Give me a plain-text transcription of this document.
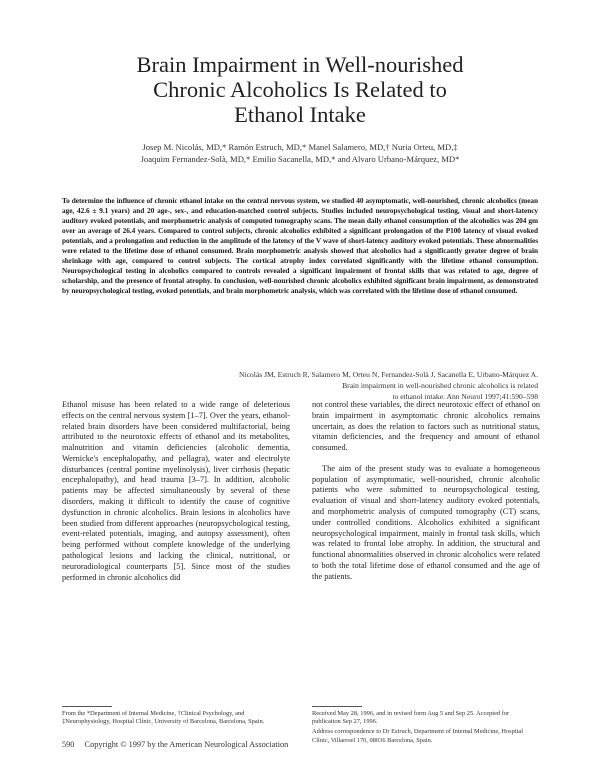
Brain Impairment in Well-nourished
Chronic Alcoholics Is Related to
Ethanol Intake
Josep M. Nicolás, MD,* Ramón Estruch, MD,* Manel Salamero, MD,† Nuria Orteu, MD,‡
Joaquim Fernandez-Solà, MD,* Emilio Sacanella, MD,* and Alvaro Urbano-Márquez, MD*

To determine the influence of chronic ethanol intake on the central nervous system, we studied 40 asymptomatic, well-nourished, chronic alcoholics (mean age, 42.6 ± 9.1 years) and 20 age-, sex-, and education-matched control subjects. Studies included neuropsychological testing, visual and short-latency auditory evoked potentials, and morphometric analysis of computed tomography scans. The mean daily ethanol consumption of the alcoholics was 204 gm over an average of 26.4 years. Compared to control subjects, chronic alcoholics exhibited a significant prolongation of the P100 latency of visual evoked potentials, and a prolongation and reduction in the amplitude of the latency of the V wave of short-latency auditory evoked potentials. These abnormalities were related to the lifetime dose of ethanol consumed. Brain morphometric analysis showed that alcoholics had a significantly greater degree of brain shrinkage with age, compared to control subjects. The cortical atrophy index correlated significantly with the lifetime ethanol consumption. Neuropsychological testing in alcoholics compared to controls revealed a significant impairment of frontal skills that was related to age, degree of scholarship, and the presence of frontal atrophy. In conclusion, well-nourished chronic alcoholics exhibited significant brain impairment, as demonstrated by neuropsychological testing, evoked potentials, and brain morphometric analysis, which was correlated with the lifetime dose of ethanol consumed.

Nicolás JM, Estruch R, Salamero M, Orteu N, Fernandez-Solà J, Sacanella E, Urbano-Márquez A.
Brain impairment in well-nourished chronic alcoholics is related
to ethanol intake. Ann Neurol 1997;41:590–598

Ethanol misuse has been related to a wide range of deleterious effects on the central nervous system [1–7]. Over the years, ethanol-related brain disorders have been considered multifactorial, being attributed to the neurotoxic effects of ethanol and its metabolites, malnutrition and vitamin deficiencies (alcoholic dementia, Wernicke's encephalopathy, and pellagra), water and electrolyte disturbances (central pontine myelinolysis), liver cirrhosis (hepatic encephalopathy), and head trauma [3–7]. In addition, alcoholic patients may be affected simultaneously by several of these disorders, making it difficult to identify the cause of cognitive dysfunction in chronic alcoholics. Brain lesions in alcoholics have been studied from different approaches (neuropsychological testing, event-related potentials, imaging, and autopsy assessment), often being performed without complete knowledge of the underlying pathological lesions and lacking the clinical, nutritional, or neuroradiological counterparts [5]. Since most of the studies performed in chronic alcoholics did

not control these variables, the direct neurotoxic effect of ethanol on brain impairment in asymptomatic chronic alcoholics remains uncertain, as does the relation to factors such as nutritional status, vitamin deficiencies, and the frequency and amount of ethanol consumed.

The aim of the present study was to evaluate a homogeneous population of asymptomatic, well-nourished, chronic alcoholic patients who were submitted to neuropsychological testing, evaluation of visual and short-latency auditory evoked potentials, and morphometric analysis of computed tomography (CT) scans, under controlled conditions. Alcoholics exhibited a significant neuropsychological impairment, mainly in frontal task skills, which was related to frontal lobe atrophy. In addition, the structural and functional abnormalities observed in chronic alcoholics were related to both the total lifetime dose of ethanol consumed and the age of the patients.

From the *Department of Internal Medicine, †Clinical Psychology, and ‡Neurophysiology, Hospital Clínic, University of Barcelona, Barcelona, Spain.
Received May 28, 1996, and in revised form Aug 5 and Sep 25. Accepted for publication Sep 27, 1996.
Address correspondence to Dr Estruch, Department of Internal Medicine, Hospital Clínic, Villarroel 170, 08036 Barcelona, Spain.
590 Copyright © 1997 by the American Neurological Association
